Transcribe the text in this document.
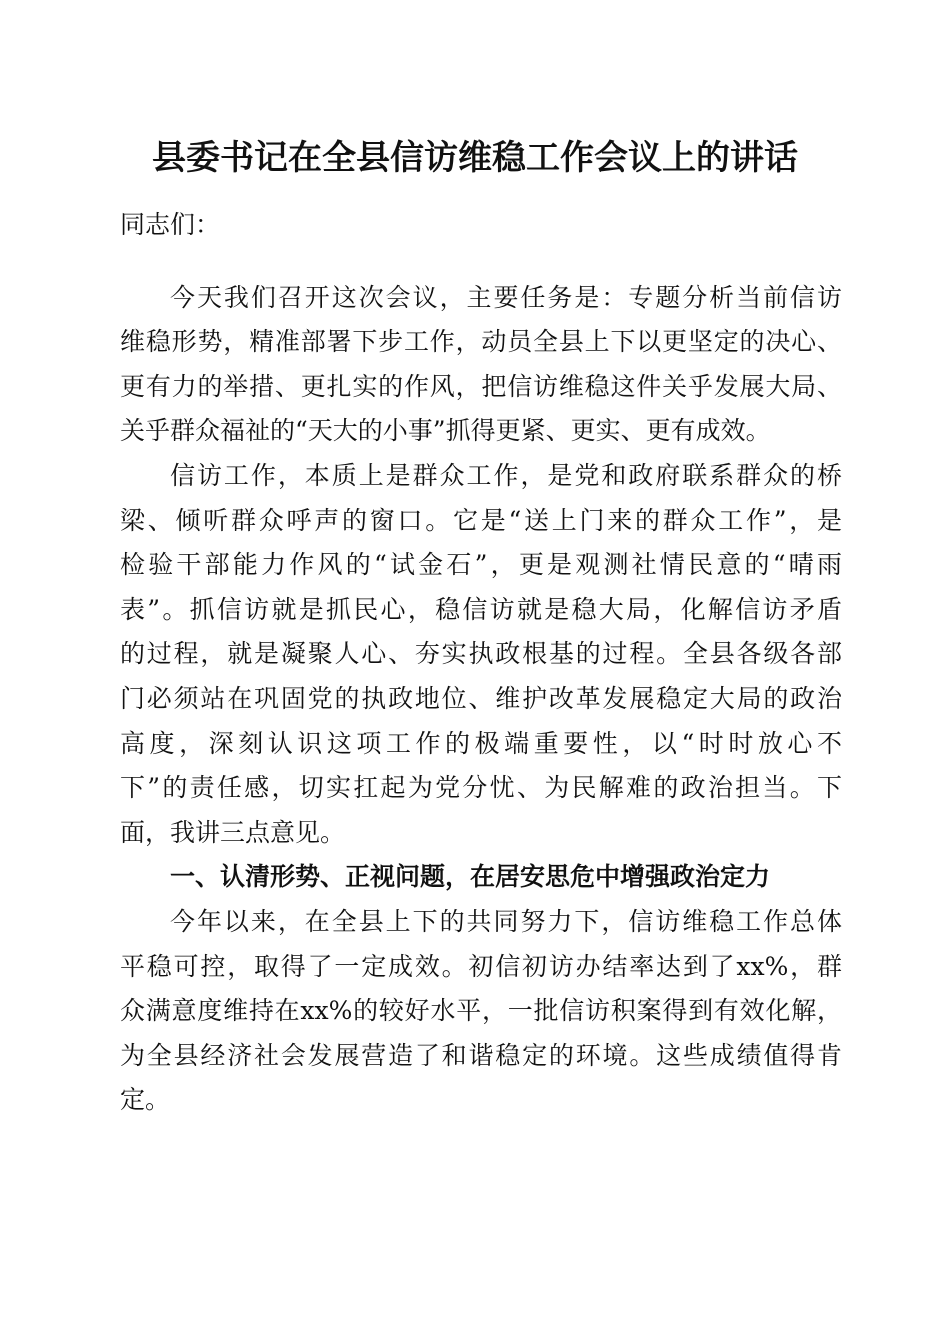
县委书记在全县信访维稳工作会议上的讲话
同志们：
今天我们召开这次会议，主要任务是：专题分析当前信访
维稳形势，精准部署下步工作，动员全县上下以更坚定的决心、
更有力的举措、更扎实的作风，把信访维稳这件关乎发展大局、
关乎群众福祉的“天大的小事”抓得更紧、更实、更有成效。
信访工作，本质上是群众工作，是党和政府联系群众的桥
梁、倾听群众呼声的窗口。它是“送上门来的群众工作”，是
检验干部能力作风的“试金石”，更是观测社情民意的“晴雨
表”。抓信访就是抓民心，稳信访就是稳大局，化解信访矛盾
的过程，就是凝聚人心、夯实执政根基的过程。全县各级各部
门必须站在巩固党的执政地位、维护改革发展稳定大局的政治
高度，深刻认识这项工作的极端重要性，以“时时放心不
下”的责任感，切实扛起为党分忧、为民解难的政治担当。下
面，我讲三点意见。
一、认清形势、正视问题，在居安思危中增强政治定力
今年以来，在全县上下的共同努力下，信访维稳工作总体
平稳可控，取得了一定成效。初信初访办结率达到了xx%，群
众满意度维持在xx%的较好水平，一批信访积案得到有效化解，
为全县经济社会发展营造了和谐稳定的环境。这些成绩值得肯
定。
